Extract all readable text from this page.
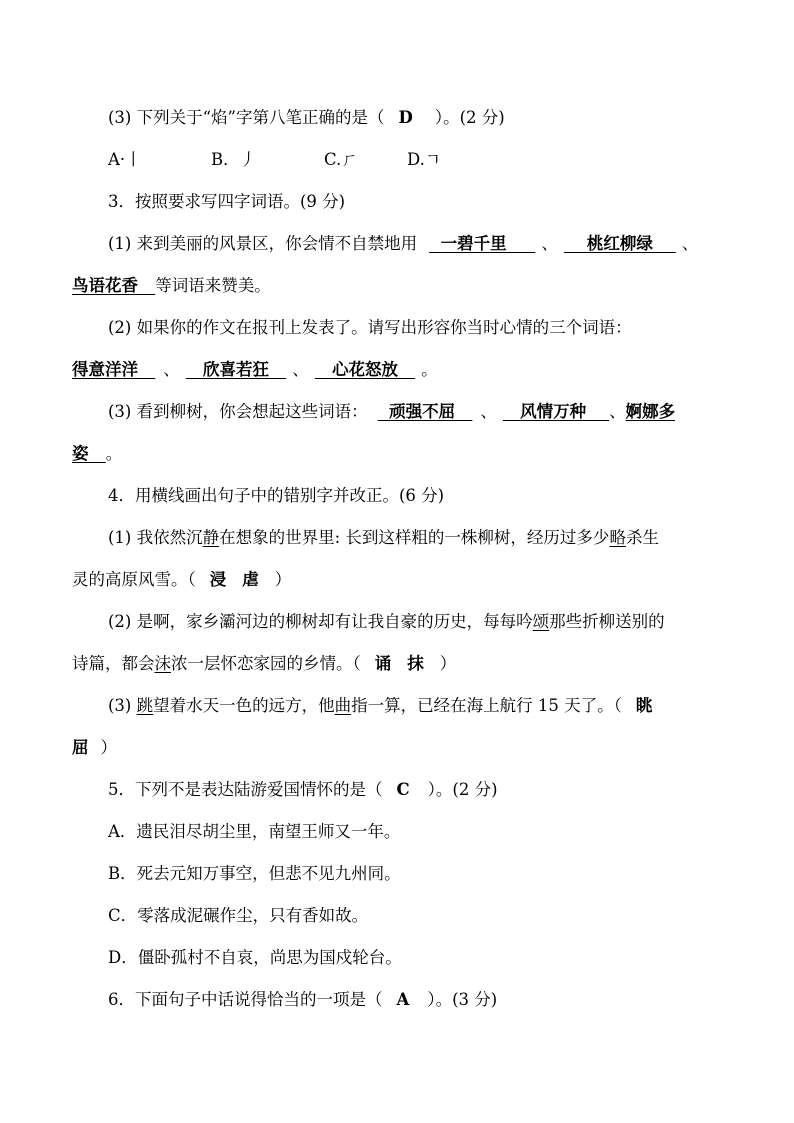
(3) 下列关于“焰”字第八笔正确的是（ D ）。(2 分)
A·丨	B．丿	C.ㄏ	D.ㄱ
3．按照要求写四字词语。(9 分)
(1) 来到美丽的风景区，你会情不自禁地用 一碧千里 、 桃红柳绿 、
鸟语花香 等词语来赞美。
(2) 如果你的作文在报刊上发表了。请写出形容你当时心情的三个词语：
得意洋洋 、 欣喜若狂 、 心花怒放 。
(3) 看到柳树，你会想起这些词语： 顽强不屈 、 风情万种 、婀娜多
姿 。
4．用横线画出句子中的错别字并改正。(6 分)
(1) 我依然沉静在想象的世界里: 长到这样粗的一株柳树，经历过多少略杀生
灵的高原风雪。（ 浸 虐 ）
(2) 是啊，家乡灞河边的柳树却有让我自豪的历史，每每吟颂那些折柳送别的
诗篇，都会沫浓一层怀恋家园的乡情。（ 诵 抹 ）
(3) 跳望着水天一色的远方，他曲指一算，已经在海上航行 15 天了。（ 眺
屈 ）
5．下列不是表达陆游爱国情怀的是（ C ）。(2 分)
A．遗民泪尽胡尘里，南望王师又一年。
B．死去元知万事空，但悲不见九州同。
C．零落成泥碾作尘，只有香如故。
D．僵卧孤村不自哀，尚思为国戍轮台。
6．下面句子中话说得恰当的一项是（ A ）。(3 分)
